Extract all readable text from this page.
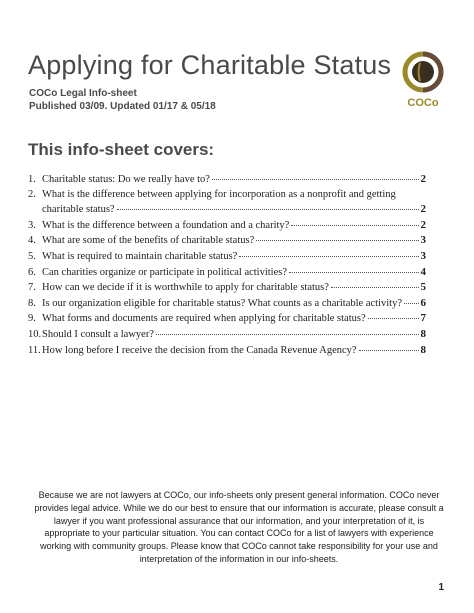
Applying for Charitable Status
COCo Legal Info-sheet
Published 03/09. Updated 01/17 & 05/18	COCo
This info-sheet covers:
1. Charitable status: Do we really have to?	2
2. What is the difference between applying for incorporation as a nonprofit and getting
charitable status?	2
3. What is the difference between a foundation and a charity?	2
4. What are some of the benefits of charitable status?	3
5. What is required to maintain charitable status?	3
6. Can charities organize or participate in political activities?	4
7. How can we decide if it is worthwhile to apply for charitable status?	5
8. Is our organization eligible for charitable status? What counts as a charitable activity? 6
9. What forms and documents are required when applying for charitable status?	7
10. Should I consult a lawyer?	8
11. How long before I receive the decision from the Canada Revenue Agency?	8
Because we are not lawyers at COCo, our info-sheets only present general information. COCo never provides legal advice. While we do our best to ensure that our information is accurate, please consult a lawyer if you want professional assurance that our information, and your interpretation of it, is appropriate to your particular situation. You can contact COCo for a list of lawyers with experience working with community groups. Please know that COCo cannot take responsibility for your use and interpretation of the information in our info-sheets.
1
